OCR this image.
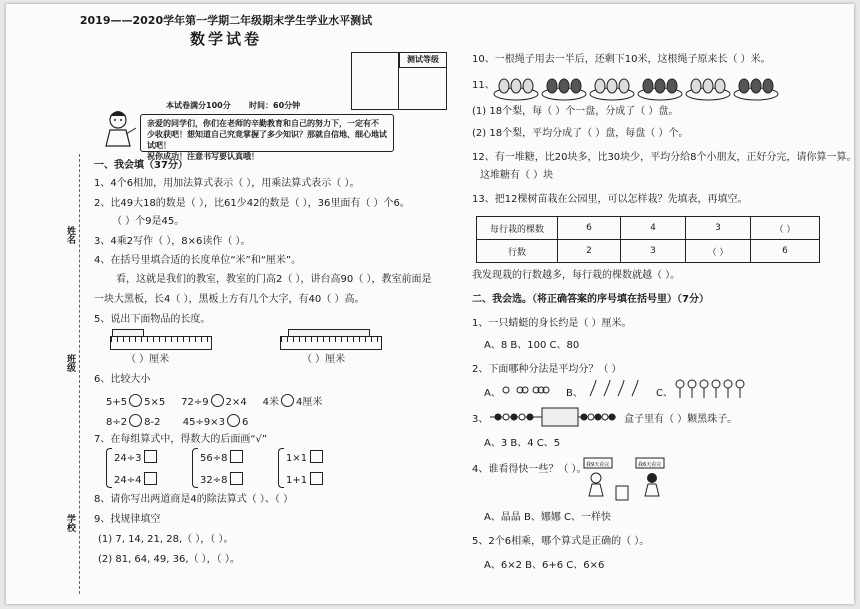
2019——2020学年第一学期二年级期末学生学业水平测试
数学试卷
本试卷满分100分 时间：60分钟
测试等级
亲爱的同学们，你们在老师的辛勤教育和自己的努力下，一定有不
少收获吧！想知道自己究竟掌握了多少知识？那就自信地、细心地试试吧！
祝你成功！注意书写要认真哦！
姓名
班级
学校
一、我会填（37分）
1、4个6相加，用加法算式表示（ ），用乘法算式表示（ ）。
2、比49大18的数是（ ），比61少42的数是（ ），36里面有（ ）个6。
（ ）个9是45。
3、4乘2写作（ ），8×6读作（ ）。
4、在括号里填合适的长度单位“米”和“厘米”。
看，这就是我们的教室，教室的门高2（ ），讲台高90（ ），教室前面是
一块大黑板，长4（ ），黑板上方有几个大字，有40（ ）高。
5、说出下面物品的长度。
（ ）厘米	（ ）厘米
6、比较大小
5+5 5×5 72÷9 2×4 4米 4厘米
8÷2 8-2 45÷9×3 6
7、在每组算式中，得数大的后面画“√”
24÷3
24÷4
56÷8
32÷8
1×1
1+1
8、请你写出两道商是4的除法算式（ ）、（ ）
9、找规律填空
(1) 7, 14, 21, 28,（ ），（ ）。
(2) 81, 64, 49, 36,（ ），（ ）。
10、一根绳子用去一半后，还剩下10米，这根绳子原来长（ ）米。
11、
(1) 18个梨，每（ ）个一盘，分成了（ ）盘。
(2) 18个梨，平均分成了（ ）盘，每盘（ ）个。
12、有一堆糖，比20块多，比30块少，平均分给8个小朋友，正好分完，请你算一算。
这堆糖有（ ）块
13、把12棵树苗栽在公园里，可以怎样栽？先填表，再填空。
每行栽的棵数	6	4	3	（ ）
行数	2	3	（ ）	6
我发现栽的行数越多，每行栽的棵数就越（ ）。
二、我会选。（将正确答案的序号填在括号里）（7分）
1、一只蜻蜓的身长约是（ ）厘米。
A、8 B、100 C、80
2、下面哪种分法是平均分？（ ）
A、	B、	C、
3、	盒子里有（ ）颗黑珠子。
A、3 B、4 C、5
4、谁看得快一些？（ ）。 我9天看完	我6天看完
A、晶晶 B、娜娜 C、一样快
5、2个6相乘，哪个算式是正确的（ ）。
A、6×2 B、6+6 C、6×6
